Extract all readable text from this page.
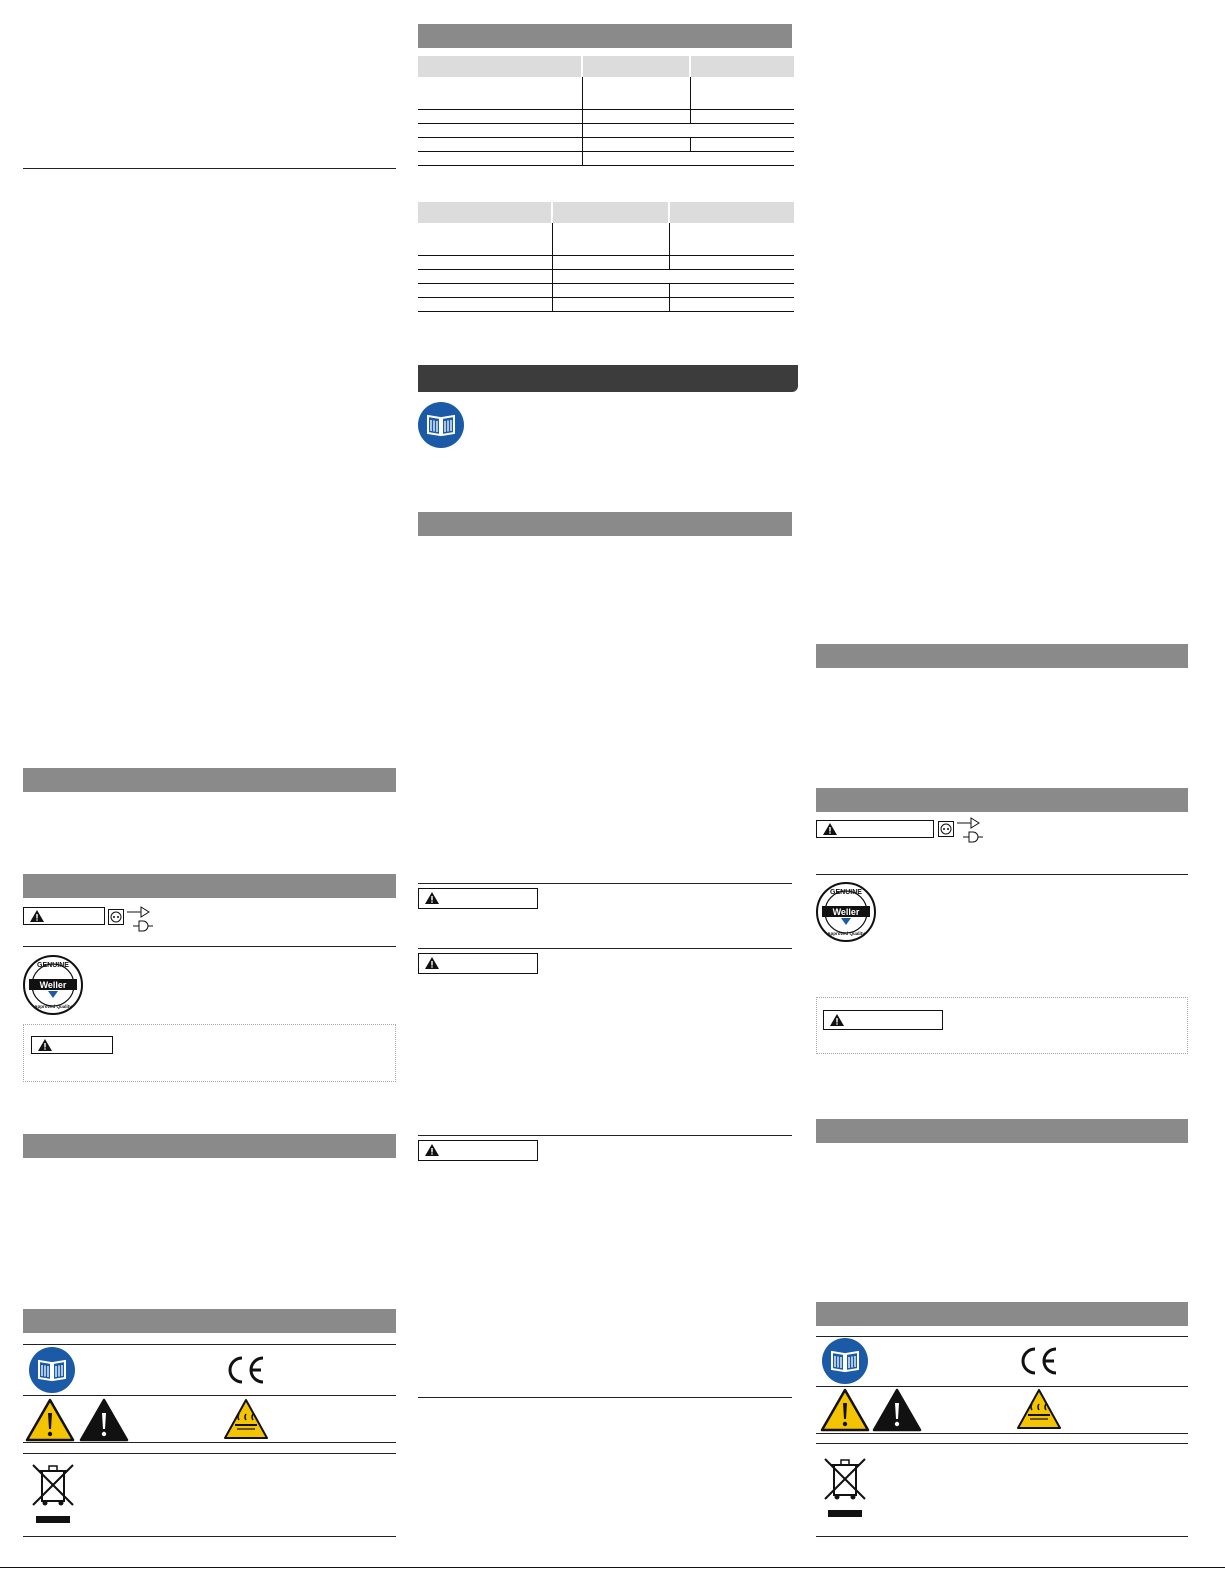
GENUINE
Weller
Approved Quality

GENUINE
Weller
Approved Quality
